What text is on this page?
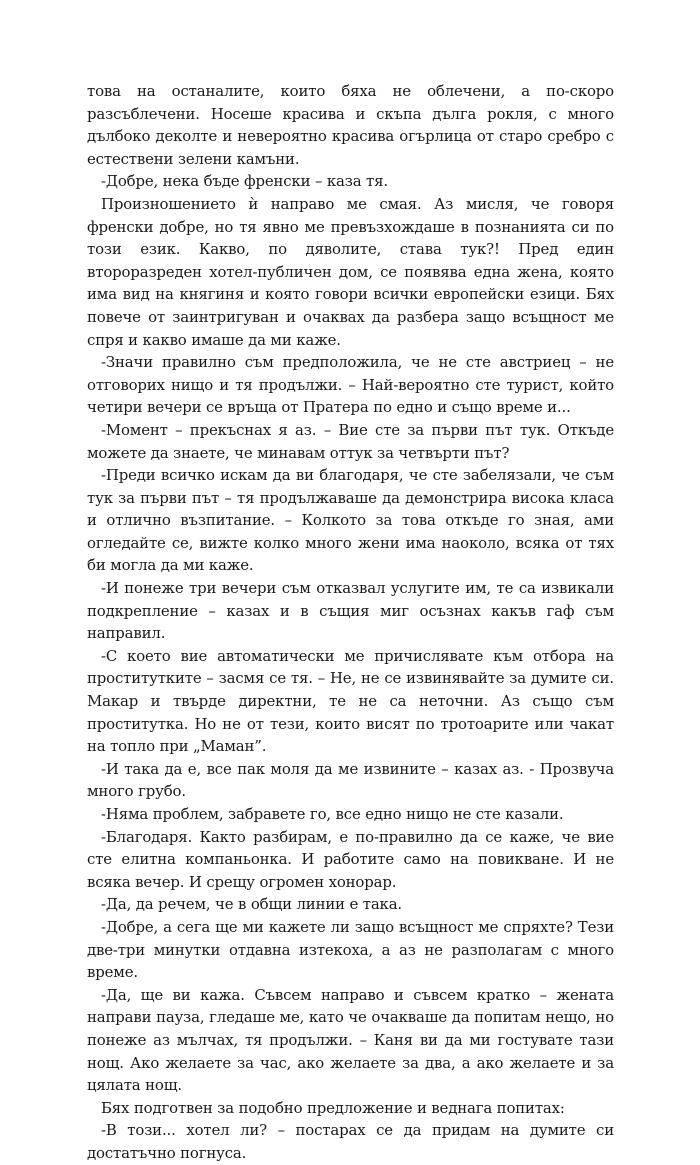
това на останалите, които бяха не облечени, а по-скоро разсъблечени. Носеше красива и скъпа дълга рокля, с много дълбоко деколте и невероятно красива огърлица от старо сребро с естествени зелени камъни.

-Добре, нека бъде френски – каза тя.

Произношението ѝ направо ме смая. Аз мисля, че говоря френски добре, но тя явно ме превъзхождаше в познанията си по този език. Какво, по дяволите, става тук?! Пред един второразреден хотел-публичен дом, се появява една жена, която има вид на княгиня и която говори всички европейски езици. Бях повече от заинтригуван и очаквах да разбера защо всъщност ме спря и какво имаше да ми каже.

-Значи правилно съм предположила, че не сте австриец – не отговорих нищо и тя продължи. – Най-вероятно сте турист, който четири вечери се връща от Пратера по едно и също време и...

-Момент – прекъснах я аз. – Вие сте за първи път тук. Откъде можете да знаете, че минавам оттук за четвърти път?

-Преди всичко искам да ви благодаря, че сте забелязали, че съм тук за първи път – тя продължаваше да демонстрира висока класа и отлично възпитание. – Колкото за това откъде го зная, ами огледайте се, вижте колко много жени има наоколо, всяка от тях би могла да ми каже.

-И понеже три вечери съм отказвал услугите им, те са извикали подкрепление – казах и в същия миг осъзнах какъв гаф съм направил.

-С което вие автоматически ме причислявате към отбора на проститутките – засмя се тя. – Не, не се извинявайте за думите си. Макар и твърде директни, те не са неточни. Аз също съм проститутка. Но не от тези, които висят по тротоарите или чакат на топло при „Маман”.

-И така да е, все пак моля да ме извините – казах аз. - Прозвуча много грубо.

-Няма проблем, забравете го, все едно нищо не сте казали.

-Благодаря. Както разбирам, е по-правилно да се каже, че вие сте елитна компаньонка. И работите само на повикване. И не всяка вечер. И срещу огромен хонорар.

-Да, да речем, че в общи линии е така.

-Добре, а сега ще ми кажете ли защо всъщност ме спряхте? Тези две-три минутки отдавна изтекоха, а аз не разполагам с много време.

-Да, ще ви кажа. Съвсем направо и съвсем кратко – жената направи пауза, гледаше ме, като че очакваше да попитам нещо, но понеже аз мълчах, тя продължи. – Каня ви да ми гостувате тази нощ. Ако желаете за час, ако желаете за два, а ако желаете и за цялата нощ.

Бях подготвен за подобно предложение и веднага попитах:

-В този... хотел ли? – постарах се да придам на думите си достатъчно погнуса.
